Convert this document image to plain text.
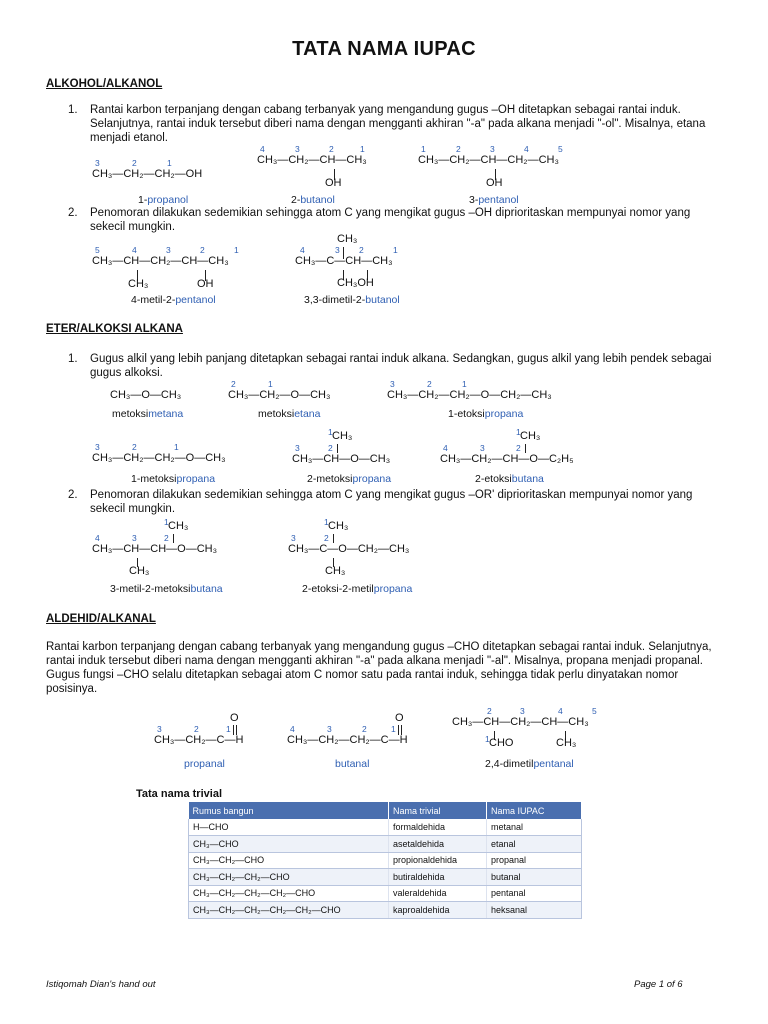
TATA NAMA IUPAC
ALKOHOL/ALKANOL
1. Rantai karbon terpanjang dengan cabang terbanyak yang mengandung gugus –OH ditetapkan sebagai rantai induk. Selanjutnya, rantai induk tersebut diberi nama dengan mengganti akhiran "-a" pada alkana menjadi "-ol". Misalnya, etana menjadi etanol.
3	2	1
CH₃—CH₂—CH₂—OH
1-propanol
4	3	2	1
CH₃—CH₂—CH—CH₃
OH
2-butanol
1	2	3	4	5
CH₃—CH₂—CH—CH₂—CH₃
OH
3-pentanol
2. Penomoran dilakukan sedemikian sehingga atom C yang mengikat gugus –OH diprioritaskan mempunyai nomor yang sekecil mungkin.
5	4	3	2	1
CH₃—CH—CH₂—CH—CH₃
CH₃	OH
4-metil-2-pentanol
CH₃
4	3 2	1
CH₃—C—CH—CH₃
CH₃OH
3,3-dimetil-2-butanol
ETER/ALKOKSI ALKANA
1. Gugus alkil yang lebih panjang ditetapkan sebagai rantai induk alkana. Sedangkan, gugus alkil yang lebih pendek sebagai gugus alkoksi.
CH₃—O—CH₃
metoksimetana
2	1
CH₃—CH₂—O—CH₃
metoksietana
3	2	1
CH₃—CH₂—CH₂—O—CH₂—CH₃
1-etoksipropana
3	2	1
CH₃—CH₂—CH₂—O—CH₃
1-metoksipropana
1 CH₃
3	2
CH₃—CH—O—CH₃
2-metoksipropana
1 CH₃
4	3	2
CH₃—CH₂—CH—O—C₂H₅
2-etoksibutana
2. Penomoran dilakukan sedemikian sehingga atom C yang mengikat gugus –OR' diprioritaskan mempunyai nomor yang sekecil mungkin.
1 CH₃
4	3	2
CH₃—CH—CH—O—CH₃
CH₃
3-metil-2-metoksibutana
1 CH₃
3	2
CH₃—C—O—CH₂—CH₃
CH₃
2-etoksi-2-metilpropana
ALDEHID/ALKANAL
Rantai karbon terpanjang dengan cabang terbanyak yang mengandung gugus –CHO ditetapkan sebagai rantai induk. Selanjutnya, rantai induk tersebut diberi nama dengan mengganti akhiran "-a" pada alkana menjadi "-al". Misalnya, propana menjadi propanal. Gugus fungsi –CHO selalu ditetapkan sebagai atom C nomor satu pada rantai induk, sehingga tidak perlu dinyatakan nomor posisinya.
O
3	2	1
CH₃—CH₂—C—H
propanal
O
4	3	2	1
CH₃—CH₂—CH₂—C—H
butanal
2	3	4	5
CH₃—CH—CH₂—CH—CH₃
1 CHO	CH₃
2,4-dimetilpentanal
Tata nama trivial
Rumus bangun	Nama trivial	Nama IUPAC
H—CHO	formaldehida	metanal
CH₃—CHO	asetaldehida	etanal
CH₃—CH₂—CHO	propionaldehida	propanal
CH₃—CH₂—CH₂—CHO	butiraldehida	butanal
CH₃—CH₂—CH₂—CH₂—CHO	valeraldehida	pentanal
CH₃—CH₂—CH₂—CH₂—CH₂—CHO	kaproaldehida	heksanal
Istiqomah Dian's hand out	Page 1 of 6
